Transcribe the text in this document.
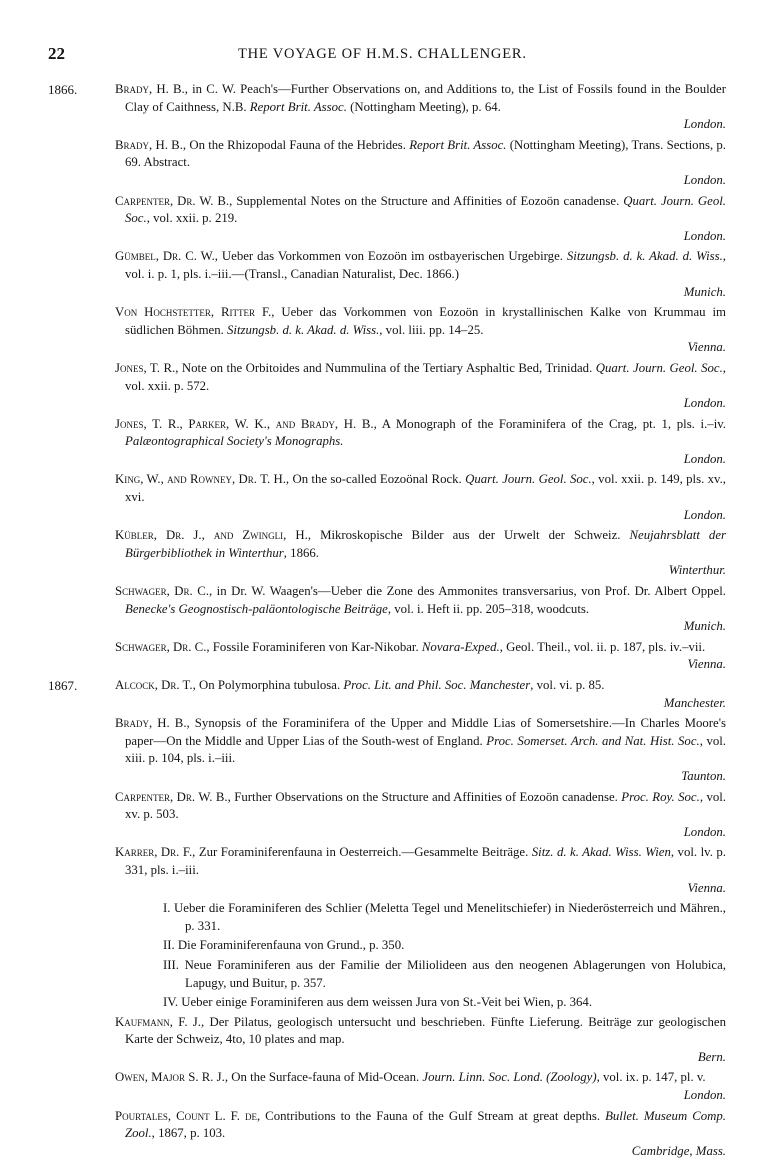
22	THE VOYAGE OF H.M.S. CHALLENGER.
1866.	Brady, H. B., in C. W. Peach's—Further Observations on, and Additions to, the List of Fossils found in the Boulder Clay of Caithness, N.B. Report Brit. Assoc. (Nottingham Meeting), p. 64.
London.
Brady, H. B., On the Rhizopodal Fauna of the Hebrides. Report Brit. Assoc. (Nottingham Meeting), Trans. Sections, p. 69. Abstract.
London.
Carpenter, Dr. W. B., Supplemental Notes on the Structure and Affinities of Eozoön canadense. Quart. Journ. Geol. Soc., vol. xxii. p. 219.
London.
Gümbel, Dr. C. W., Ueber das Vorkommen von Eozoön im ostbayerischen Urgebirge. Sitzungsb. d. k. Akad. d. Wiss., vol. i. p. 1, pls. i.–iii.—(Transl., Canadian Naturalist, Dec. 1866.)
Munich.
Von Hochstetter, Ritter F., Ueber das Vorkommen von Eozoön in krystallinischen Kalke von Krummau im südlichen Böhmen. Sitzungsb. d. k. Akad. d. Wiss., vol. liii. pp. 14–25.
Vienna.
Jones, T. R., Note on the Orbitoides and Nummulina of the Tertiary Asphaltic Bed, Trinidad. Quart. Journ. Geol. Soc., vol. xxii. p. 572.
London.
Jones, T. R., Parker, W. K., and Brady, H. B., A Monograph of the Foraminifera of the Crag, pt. 1, pls. i.–iv. Palæontographical Society's Monographs.
London.
King, W., and Rowney, Dr. T. H., On the so-called Eozoönal Rock. Quart. Journ. Geol. Soc., vol. xxii. p. 149, pls. xv., xvi.
London.
Kübler, Dr. J., and Zwingli, H., Mikroskopische Bilder aus der Urwelt der Schweiz. Neujahrsblatt der Bürgerbibliothek in Winterthur, 1866.
Winterthur.
Schwager, Dr. C., in Dr. W. Waagen's—Ueber die Zone des Ammonites transversarius, von Prof. Dr. Albert Oppel. Benecke's Geognostisch-paläontologische Beiträge, vol. i. Heft ii. pp. 205–318, woodcuts.
Munich.
Schwager, Dr. C., Fossile Foraminiferen von Kar-Nikobar. Novara-Exped., Geol. Theil., vol. ii. p. 187, pls. iv.–vii.
Vienna.
1867.	Alcock, Dr. T., On Polymorphina tubulosa. Proc. Lit. and Phil. Soc. Manchester, vol. vi. p. 85.
Manchester.
Brady, H. B., Synopsis of the Foraminifera of the Upper and Middle Lias of Somersetshire.—In Charles Moore's paper—On the Middle and Upper Lias of the South-west of England. Proc. Somerset. Arch. and Nat. Hist. Soc., vol. xiii. p. 104, pls. i.–iii.
Taunton.
Carpenter, Dr. W. B., Further Observations on the Structure and Affinities of Eozoön canadense. Proc. Roy. Soc., vol. xv. p. 503.
London.
Karrer, Dr. F., Zur Foraminiferenfauna in Oesterreich.—Gesammelte Beiträge. Sitz. d. k. Akad. Wiss. Wien, vol. lv. p. 331, pls. i.–iii.
Vienna.
I. Ueber die Foraminiferen des Schlier (Meletta Tegel und Menelitschiefer) in Niederösterreich und Mähren., p. 331.
II. Die Foraminiferenfauna von Grund., p. 350.
III. Neue Foraminiferen aus der Familie der Miliolideen aus den neogenen Ablagerungen von Holubica, Lapugy, und Buitur, p. 357.
IV. Ueber einige Foraminiferen aus dem weissen Jura von St.-Veit bei Wien, p. 364.
Kaufmann, F. J., Der Pilatus, geologisch untersucht und beschrieben. Fünfte Lieferung. Beiträge zur geologischen Karte der Schweiz, 4to, 10 plates and map.
Bern.
Owen, Major S. R. J., On the Surface-fauna of Mid-Ocean. Journ. Linn. Soc. Lond. (Zoology), vol. ix. p. 147, pl. v.
London.
Pourtales, Count L. F. de, Contributions to the Fauna of the Gulf Stream at great depths. Bullet. Museum Comp. Zool., 1867, p. 103.
Cambridge, Mass.
